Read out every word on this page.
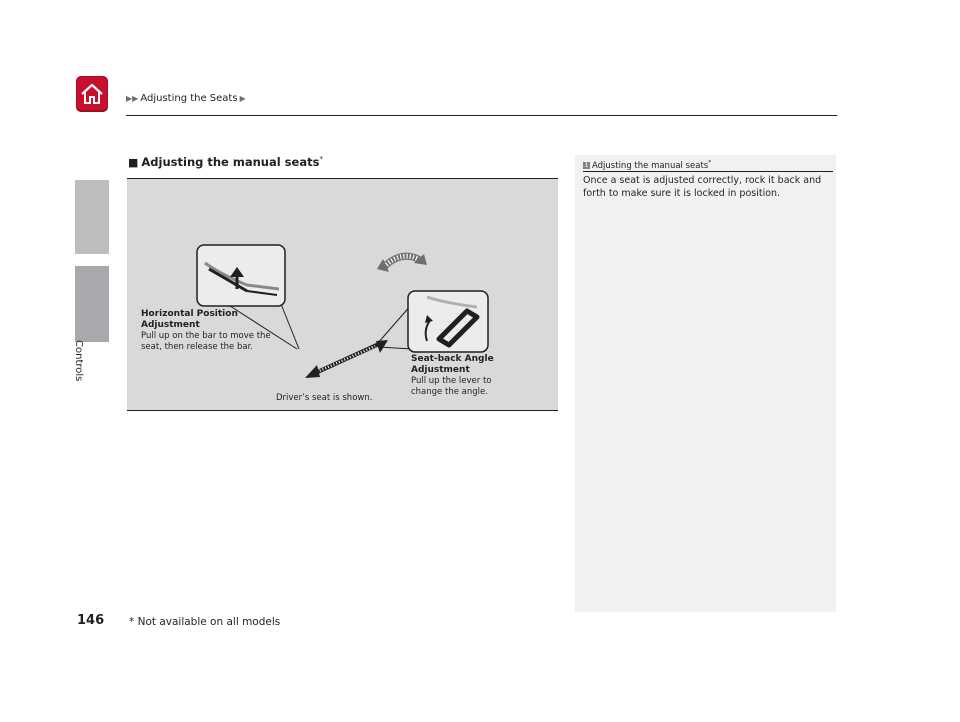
▶▶ Adjusting the Seats ▶
Controls
■ Adjusting the manual seats*
Horizontal Position Adjustment
Pull up on the bar to move the seat, then release the bar.
Seat-back Angle Adjustment
Pull up the lever to change the angle.
Driver’s seat is shown.
1 Adjusting the manual seats*
Once a seat is adjusted correctly, rock it back and forth to make sure it is locked in position.
146 * Not available on all models
